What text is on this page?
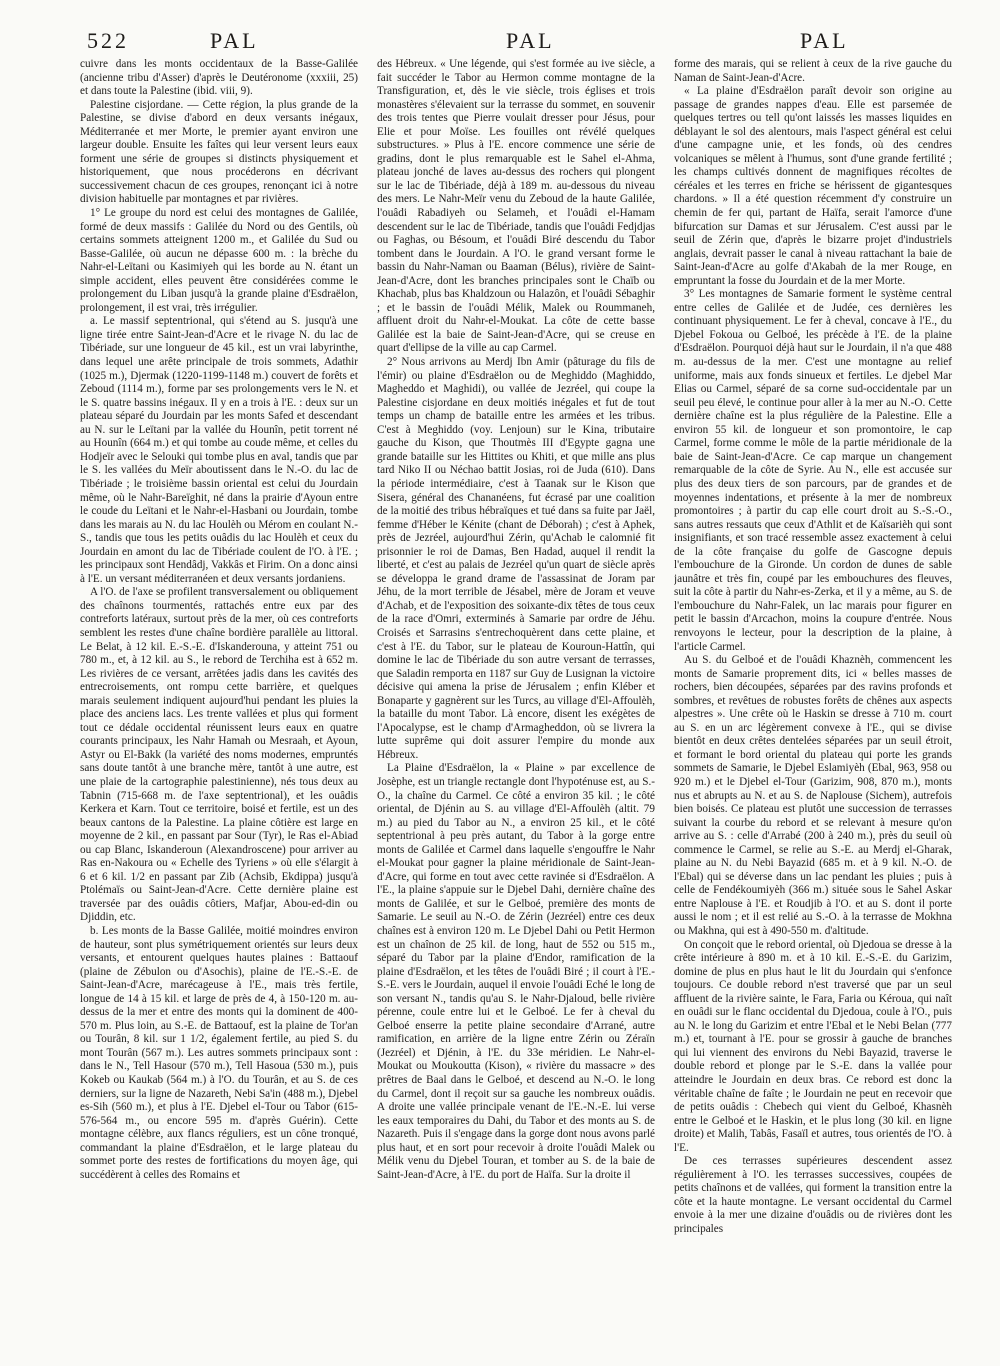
522	PAL	PAL	PAL

cuivre dans les monts occidentaux de la Basse-Galilée (ancienne tribu d'Asser) d'après le Deutéronome (xxxiii, 25) et dans toute la Palestine (ibid. viii, 9).

Palestine cisjordane. — Cette région, la plus grande de la Palestine, se divise d'abord en deux versants inégaux, Méditerranée et mer Morte, le premier ayant environ une largeur double. Ensuite les faîtes qui leur versent leurs eaux forment une série de groupes si distincts physiquement et historiquement, que nous procéderons en décrivant successivement chacun de ces groupes, renonçant ici à notre division habituelle par montagnes et par rivières.

1° Le groupe du nord est celui des montagnes de Galilée, formé de deux massifs : Galilée du Nord ou des Gentils, où certains sommets atteignent 1200 m., et Galilée du Sud ou Basse-Galilée, où aucun ne dépasse 600 m. : la brèche du Nahr-el-Leïtani ou Kasimiyeh qui les borde au N. étant un simple accident, elles peuvent être considérées comme le prolongement du Liban jusqu'à la grande plaine d'Esdraëlon, prolongement, il est vrai, très irrégulier.

a. Le massif septentrional, qui s'étend au S. jusqu'à une ligne tirée entre Saint-Jean-d'Acre et le rivage N. du lac de Tibériade, sur une longueur de 45 kil., est un vrai labyrinthe, dans lequel une arête principale de trois sommets, Adathir (1025 m.), Djermak (1220-1199-1148 m.) couvert de forêts et Zeboud (1114 m.), forme par ses prolongements vers le N. et le S. quatre bassins inégaux. Il y en a trois à l'E. : deux sur un plateau séparé du Jourdain par les monts Safed et descendant au N. sur le Leïtani par la vallée du Hounîn, petit torrent né au Hounîn (664 m.) et qui tombe au coude même, et celles du Hodjeïr avec le Selouki qui tombe plus en aval, tandis que par le S. les vallées du Meïr aboutissent dans le N.-O. du lac de Tibériade ; le troisième bassin oriental est celui du Jourdain même, où le Nahr-Bareïghit, né dans la prairie d'Ayoun entre le coude du Leïtani et le Nahr-el-Hasbani ou Jourdain, tombe dans les marais au N. du lac Houlèh ou Mérom en coulant N.-S., tandis que tous les petits ouâdis du lac Houlèh et ceux du Jourdain en amont du lac de Tibériade coulent de l'O. à l'E. ; les principaux sont Hendâdj, Vakkâs et Firim. On a donc ainsi à l'E. un versant méditerranéen et deux versants jordaniens.

A l'O. de l'axe se profilent transversalement ou obliquement des chaînons tourmentés, rattachés entre eux par des contreforts latéraux, surtout près de la mer, où ces contreforts semblent les restes d'une chaîne bordière parallèle au littoral. Le Belat, à 12 kil. E.-S.-E. d'Iskanderouna, y atteint 751 ou 780 m., et, à 12 kil. au S., le rebord de Terchiha est à 652 m. Les rivières de ce versant, arrêtées jadis dans les cavités des entrecroisements, ont rompu cette barrière, et quelques marais seulement indiquent aujourd'hui pendant les pluies la place des anciens lacs. Les trente vallées et plus qui forment tout ce dédale occidental réunissent leurs eaux en quatre courants principaux, les Nahr Hamah ou Mesraah, et Ayoun, Astyr ou El-Bakk (la variété des noms modernes, empruntés sans doute tantôt à une branche mère, tantôt à une autre, est une plaie de la cartographie palestinienne), nés tous deux au Tabnin (715-668 m. de l'axe septentrional), et les ouâdis Kerkera et Karn. Tout ce territoire, boisé et fertile, est un des beaux cantons de la Palestine. La plaine côtière est large en moyenne de 2 kil., en passant par Sour (Tyr), le Ras el-Abiad ou cap Blanc, Iskanderoun (Alexandroscene) pour arriver au Ras en-Nakoura ou « Echelle des Tyriens » où elle s'élargit à 6 et 6 kil. 1/2 en passant par Zib (Achsib, Ekdippa) jusqu'à Ptolémaïs ou Saint-Jean-d'Acre. Cette dernière plaine est traversée par des ouâdis côtiers, Mafjar, Abou-ed-din ou Djiddin, etc.

b. Les monts de la Basse Galilée, moitié moindres environ de hauteur, sont plus symétriquement orientés sur leurs deux versants, et entourent quelques hautes plaines : Battaouf (plaine de Zébulon ou d'Asochis), plaine de l'E.-S.-E. de Saint-Jean-d'Acre, marécageuse à l'E., mais très fertile, longue de 14 à 15 kil. et large de près de 4, à 150-120 m. au-dessus de la mer et entre des monts qui la dominent de 400-570 m. Plus loin, au S.-E. de Battaouf, est la plaine de Tor'an ou Tourân, 8 kil. sur 1 1/2, également fertile, au pied S. du mont Tourân (567 m.). Les autres sommets principaux sont : dans le N., Tell Hasour (570 m.), Tell Hasoua (530 m.), puis Kokeb ou Kaukab (564 m.) à l'O. du Tourân, et au S. de ces derniers, sur la ligne de Nazareth, Nebi Sa'in (488 m.), Djebel es-Sih (560 m.), et plus à l'E. Djebel el-Tour ou Tabor (615-576-564 m., ou encore 595 m. d'après Guérin). Cette montagne célèbre, aux flancs réguliers, est un cône tronqué, commandant la plaine d'Esdraëlon, et le large plateau du sommet porte des restes de fortifications du moyen âge, qui succédèrent à celles des Romains et

des Hébreux. « Une légende, qui s'est formée au ive siècle, a fait succéder le Tabor au Hermon comme montagne de la Transfiguration, et, dès le vie siècle, trois églises et trois monastères s'élevaient sur la terrasse du sommet, en souvenir des trois tentes que Pierre voulait dresser pour Jésus, pour Elie et pour Moïse. Les fouilles ont révélé quelques substructures. » Plus à l'E. encore commence une série de gradins, dont le plus remarquable est le Sahel el-Ahma, plateau jonché de laves au-dessus des rochers qui plongent sur le lac de Tibériade, déjà à 189 m. au-dessous du niveau des mers. Le Nahr-Meïr venu du Zeboud de la haute Galilée, l'ouâdi Rabadiyeh ou Selameh, et l'ouâdi el-Hamam descendent sur le lac de Tibériade, tandis que l'ouâdi Fedjdjas ou Faghas, ou Bésoum, et l'ouâdi Biré descendu du Tabor tombent dans le Jourdain. A l'O. le grand versant forme le bassin du Nahr-Naman ou Baaman (Bélus), rivière de Saint-Jean-d'Acre, dont les branches principales sont le Chaïb ou Khachab, plus bas Khaldzoun ou Halazôn, et l'ouâdi Sébaghir ; et le bassin de l'ouâdi Mélik, Malek ou Roummaneh, affluent droit du Nahr-el-Moukat. La côte de cette basse Galilée est la baie de Saint-Jean-d'Acre, qui se creuse en quart d'ellipse de la ville au cap Carmel.

2° Nous arrivons au Merdj Ibn Amir (pâturage du fils de l'émir) ou plaine d'Esdraëlon ou de Meghiddo (Maghiddo, Magheddo et Maghidi), ou vallée de Jezréel, qui coupe la Palestine cisjordane en deux moitiés inégales et fut de tout temps un champ de bataille entre les armées et les tribus. C'est à Meghiddo (voy. Lenjoun) sur le Kina, tributaire gauche du Kison, que Thoutmès III d'Egypte gagna une grande bataille sur les Hittites ou Khiti, et que mille ans plus tard Niko II ou Néchao battit Josias, roi de Juda (610). Dans la période intermédiaire, c'est à Taanak sur le Kison que Sisera, général des Chananéens, fut écrasé par une coalition de la moitié des tribus hébraïques et tué dans sa fuite par Jaël, femme d'Héber le Kénite (chant de Déborah) ; c'est à Aphek, près de Jezréel, aujourd'hui Zérin, qu'Achab le calomnié fit prisonnier le roi de Damas, Ben Hadad, auquel il rendit la liberté, et c'est au palais de Jezréel qu'un quart de siècle après se développa le grand drame de l'assassinat de Joram par Jéhu, de la mort terrible de Jésabel, mère de Joram et veuve d'Achab, et de l'exposition des soixante-dix têtes de tous ceux de la race d'Omri, exterminés à Samarie par ordre de Jéhu. Croisés et Sarrasins s'entrechoquèrent dans cette plaine, et c'est à l'E. du Tabor, sur le plateau de Kouroun-Hattîn, qui domine le lac de Tibériade du son autre versant de terrasses, que Saladin remporta en 1187 sur Guy de Lusignan la victoire décisive qui amena la prise de Jérusalem ; enfin Kléber et Bonaparte y gagnèrent sur les Turcs, au village d'El-Affoulèh, la bataille du mont Tabor. Là encore, disent les exégètes de l'Apocalypse, est le champ d'Armagheddon, où se livrera la lutte suprême qui doit assurer l'empire du monde aux Hébreux.

La Plaine d'Esdraëlon, la « Plaine » par excellence de Josèphe, est un triangle rectangle dont l'hypoténuse est, au S.-O., la chaîne du Carmel. Ce côté a environ 35 kil. ; le côté oriental, de Djénin au S. au village d'El-Affoulèh (altit. 79 m.) au pied du Tabor au N., a environ 25 kil., et le côté septentrional à peu près autant, du Tabor à la gorge entre monts de Galilée et Carmel dans laquelle s'engouffre le Nahr el-Moukat pour gagner la plaine méridionale de Saint-Jean-d'Acre, qui forme en tout avec cette ravinée si d'Esdraëlon. A l'E., la plaine s'appuie sur le Djebel Dahi, dernière chaîne des monts de Galilée, et sur le Gelboé, première des monts de Samarie. Le seuil au N.-O. de Zérin (Jezréel) entre ces deux chaînes est à environ 120 m. Le Djebel Dahi ou Petit Hermon est un chaînon de 25 kil. de long, haut de 552 ou 515 m., séparé du Tabor par la plaine d'Endor, ramification de la plaine d'Esdraëlon, et les têtes de l'ouâdi Biré ; il court à l'E.-S.-E. vers le Jourdain, auquel il envoie l'ouâdi Eché le long de son versant N., tandis qu'au S. le Nahr-Djaloud, belle rivière pérenne, coule entre lui et le Gelboé. Le fer à cheval du Gelboé enserre la petite plaine secondaire d'Arrané, autre ramification, en arrière de la ligne entre Zérin ou Zéraïn (Jezréel) et Djénin, à l'E. du 33e méridien. Le Nahr-el-Moukat ou Moukoutta (Kison), « rivière du massacre » des prêtres de Baal dans le Gelboé, et descend au N.-O. le long du Carmel, dont il reçoit sur sa gauche les nombreux ouâdis. A droite une vallée principale venant de l'E.-N.-E. lui verse les eaux temporaires du Dahi, du Tabor et des monts au S. de Nazareth. Puis il s'engage dans la gorge dont nous avons parlé plus haut, et en sort pour recevoir à droite l'ouâdi Malek ou Mélik venu du Djebel Touran, et tomber au S. de la baie de Saint-Jean-d'Acre, à l'E. du port de Haïfa. Sur la droite il

forme des marais, qui se relient à ceux de la rive gauche du Naman de Saint-Jean-d'Acre.

« La plaine d'Esdraëlon paraît devoir son origine au passage de grandes nappes d'eau. Elle est parsemée de quelques tertres ou tell qu'ont laissés les masses liquides en déblayant le sol des alentours, mais l'aspect général est celui d'une campagne unie, et les fonds, où des cendres volcaniques se mêlent à l'humus, sont d'une grande fertilité ; les champs cultivés donnent de magnifiques récoltes de céréales et les terres en friche se hérissent de gigantesques chardons. » Il a été question récemment d'y construire un chemin de fer qui, partant de Haïfa, serait l'amorce d'une bifurcation sur Damas et sur Jérusalem. C'est aussi par le seuil de Zérin que, d'après le bizarre projet d'industriels anglais, devrait passer le canal à niveau rattachant la baie de Saint-Jean-d'Acre au golfe d'Akabah de la mer Rouge, en empruntant la fosse du Jourdain et de la mer Morte.

3° Les montagnes de Samarie forment le système central entre celles de Galilée et de Judée, ces dernières les continuant physiquement. Le fer à cheval, concave à l'E., du Djebel Fokoua ou Gelboé, les précède à l'E. de la plaine d'Esdraëlon. Pourquoi déjà haut sur le Jourdain, il n'a que 488 m. au-dessus de la mer. C'est une montagne au relief uniforme, mais aux fonds sinueux et fertiles. Le djebel Mar Elias ou Carmel, séparé de sa corne sud-occidentale par un seuil peu élevé, le continue pour aller à la mer au N.-O. Cette dernière chaîne est la plus régulière de la Palestine. Elle a environ 55 kil. de longueur et son promontoire, le cap Carmel, forme comme le môle de la partie méridionale de la baie de Saint-Jean-d'Acre. Ce cap marque un changement remarquable de la côte de Syrie. Au N., elle est accusée sur plus des deux tiers de son parcours, par de grandes et de moyennes indentations, et présente à la mer de nombreux promontoires ; à partir du cap elle court droit au S.-S.-O., sans autres ressauts que ceux d'Athlit et de Kaïsarièh qui sont insignifiants, et son tracé ressemble assez exactement à celui de la côte française du golfe de Gascogne depuis l'embouchure de la Gironde. Un cordon de dunes de sable jaunâtre et très fin, coupé par les embouchures des fleuves, suit la côte à partir du Nahr-es-Zerka, et il y a même, au S. de l'embouchure du Nahr-Falek, un lac marais pour figurer en petit le bassin d'Arcachon, moins la coupure d'entrée. Nous renvoyons le lecteur, pour la description de la plaine, à l'article Carmel.

Au S. du Gelboé et de l'ouâdi Khaznèh, commencent les monts de Samarie proprement dits, ici « belles masses de rochers, bien découpées, séparées par des ravins profonds et sombres, et revêtues de robustes forêts de chênes aux aspects alpestres ». Une crête où le Haskin se dresse à 710 m. court au S. en un arc légèrement convexe à l'E., qui se divise bientôt en deux crêtes dentelées séparées par un seuil étroit, et formant le bord oriental du plateau qui porte les grands sommets de Samarie, le Djebel Eslamiyèh (Ebal, 963, 958 ou 920 m.) et le Djebel el-Tour (Garizim, 908, 870 m.), monts nus et abrupts au N. et au S. de Naplouse (Sichem), autrefois bien boisés. Ce plateau est plutôt une succession de terrasses suivant la courbe du rebord et se relevant à mesure qu'on arrive au S. : celle d'Arrabé (200 à 240 m.), près du seuil où commence le Carmel, se relie au S.-E. au Merdj el-Gharak, plaine au N. du Nebi Bayazid (685 m. et à 9 kil. N.-O. de l'Ebal) qui se déverse dans un lac pendant les pluies ; puis à celle de Fendékoumiyèh (366 m.) située sous le Sahel Askar entre Naplouse à l'E. et Roudjib à l'O. et au S. dont il porte aussi le nom ; et il est relié au S.-O. à la terrasse de Mokhna ou Makhna, qui est à 490-550 m. d'altitude.

On conçoit que le rebord oriental, où Djedoua se dresse à la crête intérieure à 890 m. et à 10 kil. E.-S.-E. du Garizim, domine de plus en plus haut le lit du Jourdain qui s'enfonce toujours. Ce double rebord n'est traversé que par un seul affluent de la rivière sainte, le Fara, Faria ou Kéroua, qui naît en ouâdi sur le flanc occidental du Djedoua, coule à l'O., puis au N. le long du Garizim et entre l'Ebal et le Nebi Belan (777 m.) et, tournant à l'E. pour se grossir à gauche de branches qui lui viennent des environs du Nebi Bayazid, traverse le double rebord et plonge par le S.-E. dans la vallée pour atteindre le Jourdain en deux bras. Ce rebord est donc la véritable chaîne de faîte ; le Jourdain ne peut en recevoir que de petits ouâdis : Chebech qui vient du Gelboé, Khasnèh entre le Gelboé et le Haskin, et le plus long (30 kil. en ligne droite) et Malih, Tabâs, Fasaïl et autres, tous orientés de l'O. à l'E.

De ces terrasses supérieures descendent assez régulièrement à l'O. les terrasses successives, coupées de petits chaînons et de vallées, qui forment la transition entre la côte et la haute montagne. Le versant occidental du Carmel envoie à la mer une dizaine d'ouâdis ou de rivières dont les principales
